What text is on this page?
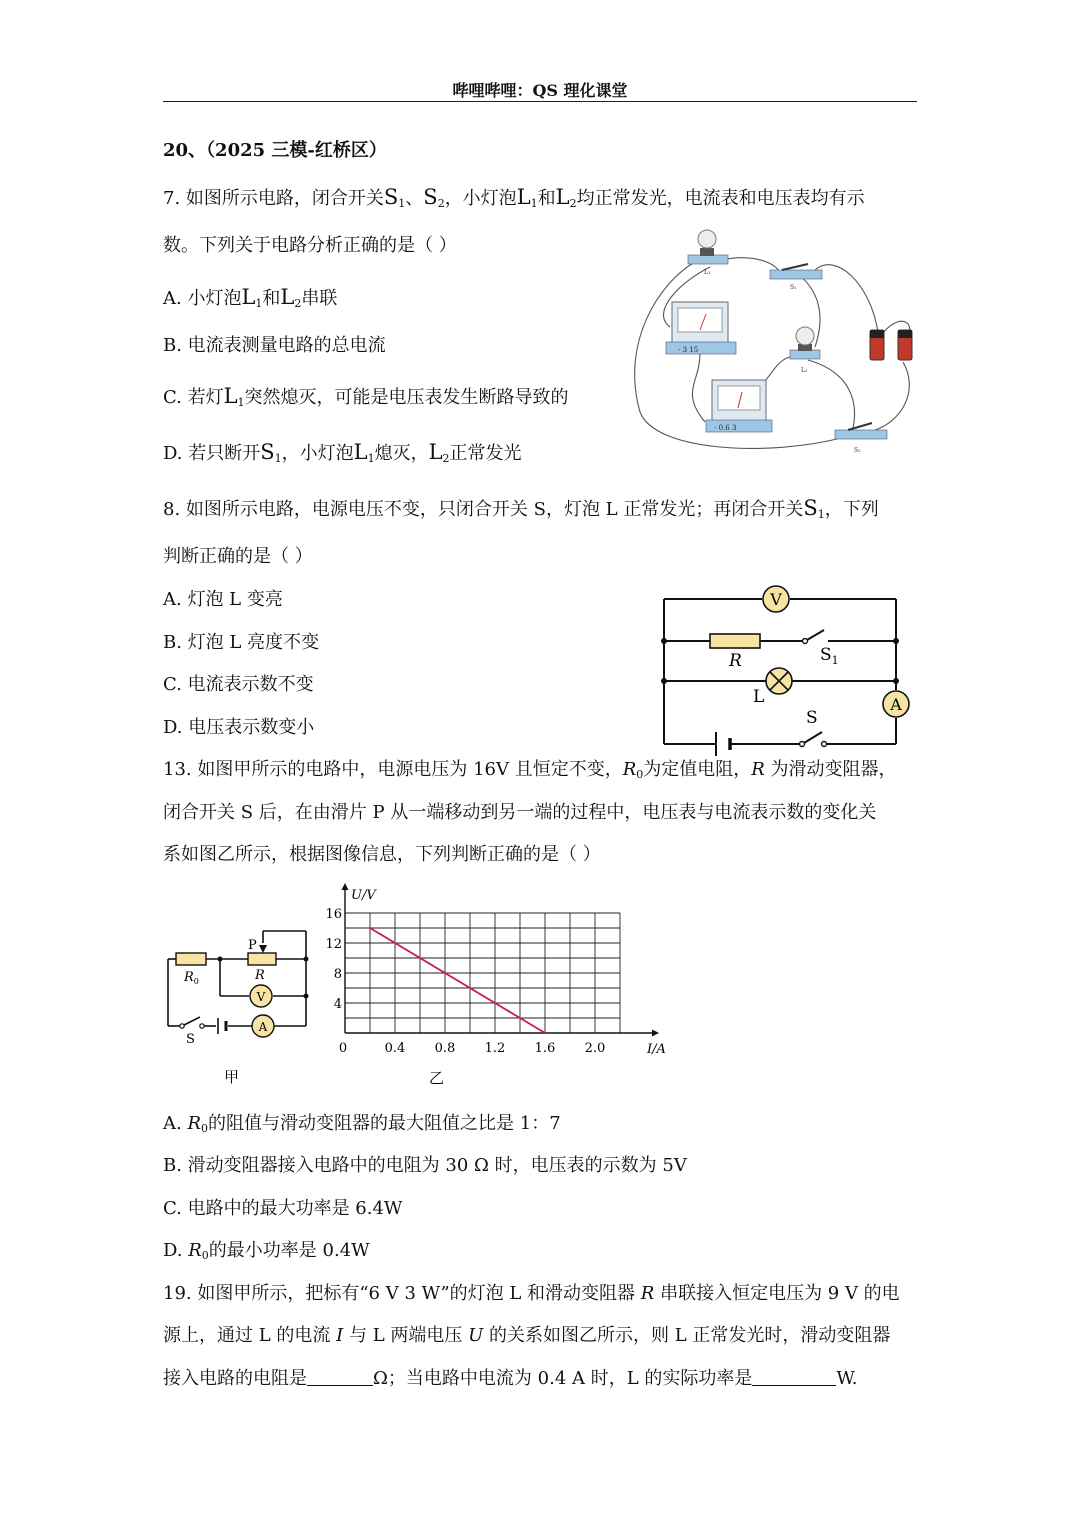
哔哩哔哩：QS 理化课堂
20、（2025 三模-红桥区）
7. 如图所示电路，闭合开关$S_1$、$S_2$，小灯泡$L_1$和$L_2$均正常发光，电流表和电压表均有示
数。下列关于电路分析正确的是（ ）
A. 小灯泡$L_1$和$L_2$串联
B. 电流表测量电路的总电流
C. 若灯$L_1$突然熄灭，可能是电压表发生断路导致的
D. 若只断开$S_1$，小灯泡$L_1$熄灭，$L_2$正常发光
L₁
S₁
- 3 15
L₂
- 0.6 3
S₂
8. 如图所示电路，电源电压不变，只闭合开关 S，灯泡 L 正常发光；再闭合开关$S_1$，下列
判断正确的是（ ）
A. 灯泡 L 变亮
B. 灯泡 L 亮度不变
C. 电流表示数不变
D. 电压表示数变小
V
R	$S_1$
L	A
S
13. 如图甲所示的电路中，电源电压为 16V 且恒定不变，$R_0$为定值电阻，R 为滑动变阻器，
闭合开关 S 后，在由滑片 P 从一端移动到另一端的过程中，电压表与电流表示数的变化关
系如图乙所示，根据图像信息，下列判断正确的是（ ）
$R_0$	R
P
V
A
S
甲
0	0.4 0.8 1.2 1.6 2.0
4
8
12
16
I/A
U/V
乙
A. $R_0$的阻值与滑动变阻器的最大阻值之比是 1：7
B. 滑动变阻器接入电路中的电阻为 30 Ω 时，电压表的示数为 5V
C. 电路中的最大功率是 6.4W
D. $R_0$的最小功率是 0.4W
19. 如图甲所示，把标有“6 V 3 W”的灯泡 L 和滑动变阻器 R 串联接入恒定电压为 9 V 的电
源上，通过 L 的电流 I 与 L 两端电压 U 的关系如图乙所示，则 L 正常发光时，滑动变阻器
接入电路的电阻是	Ω；当电路中电流为 0.4 A 时，L 的实际功率是	W.
